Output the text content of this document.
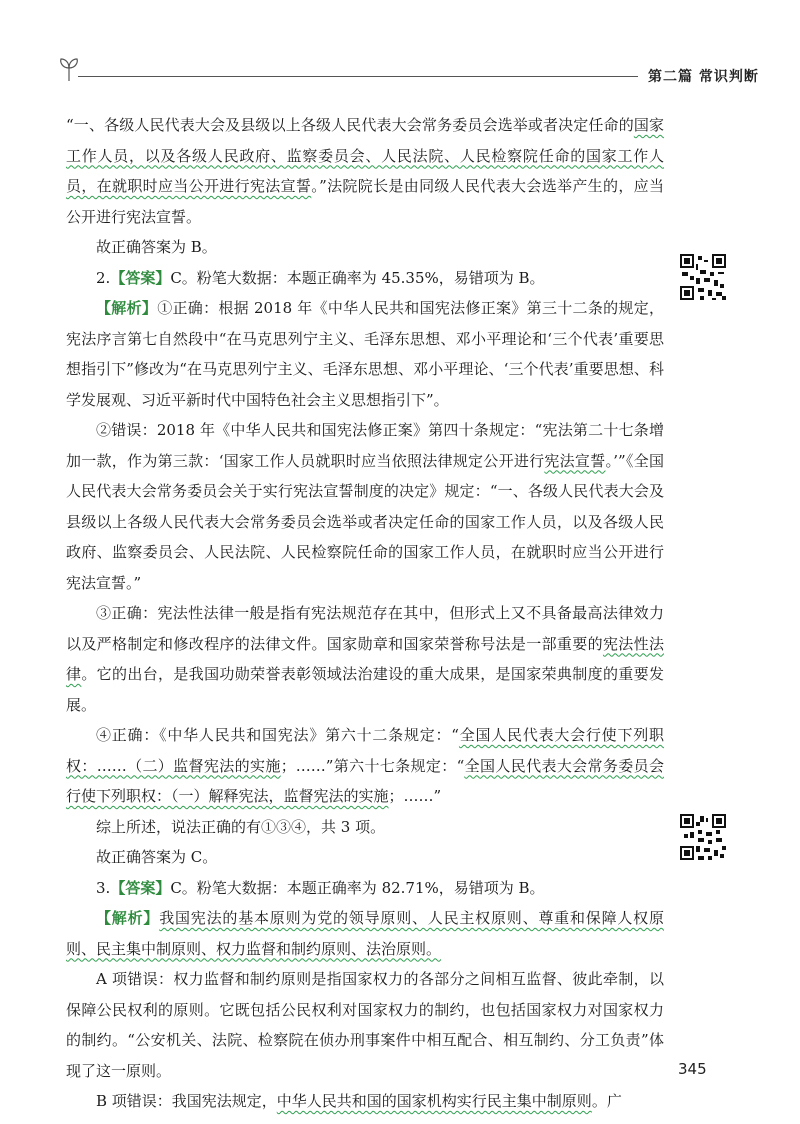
第二篇 常识判断

“一、各级人民代表大会及县级以上各级人民代表大会常务委员会选举或者决定任命的国家工作人员，以及各级人民政府、监察委员会、人民法院、人民检察院任命的国家工作人员，在就职时应当公开进行宪法宣誓。”法院院长是由同级人民代表大会选举产生的，应当公开进行宪法宣誓。

故正确答案为 B。

2.【答案】C。粉笔大数据：本题正确率为 45.35%，易错项为 B。

【解析】①正确：根据 2018 年《中华人民共和国宪法修正案》第三十二条的规定，宪法序言第七自然段中“在马克思列宁主义、毛泽东思想、邓小平理论和‘三个代表’重要思想指引下”修改为“在马克思列宁主义、毛泽东思想、邓小平理论、‘三个代表’重要思想、科学发展观、习近平新时代中国特色社会主义思想指引下”。

②错误：2018 年《中华人民共和国宪法修正案》第四十条规定：“宪法第二十七条增加一款，作为第三款：‘国家工作人员就职时应当依照法律规定公开进行宪法宣誓。’”《全国人民代表大会常务委员会关于实行宪法宣誓制度的决定》规定：“一、各级人民代表大会及县级以上各级人民代表大会常务委员会选举或者决定任命的国家工作人员，以及各级人民政府、监察委员会、人民法院、人民检察院任命的国家工作人员，在就职时应当公开进行宪法宣誓。”

③正确：宪法性法律一般是指有宪法规范存在其中，但形式上又不具备最高法律效力以及严格制定和修改程序的法律文件。国家勋章和国家荣誉称号法是一部重要的宪法性法律。它的出台，是我国功勋荣誉表彰领域法治建设的重大成果，是国家荣典制度的重要发展。

④正确：《中华人民共和国宪法》第六十二条规定：“全国人民代表大会行使下列职权：……（二）监督宪法的实施；……”第六十七条规定：“全国人民代表大会常务委员会行使下列职权：（一）解释宪法，监督宪法的实施；……”

综上所述，说法正确的有①③④，共 3 项。

故正确答案为 C。

3.【答案】C。粉笔大数据：本题正确率为 82.71%，易错项为 B。

【解析】我国宪法的基本原则为党的领导原则、人民主权原则、尊重和保障人权原则、民主集中制原则、权力监督和制约原则、法治原则。

A 项错误：权力监督和制约原则是指国家权力的各部分之间相互监督、彼此牵制，以保障公民权利的原则。它既包括公民权利对国家权力的制约，也包括国家权力对国家权力的制约。“公安机关、法院、检察院在侦办刑事案件中相互配合、相互制约、分工负责”体现了这一原则。

B 项错误：我国宪法规定，中华人民共和国的国家机构实行民主集中制原则。广

345
